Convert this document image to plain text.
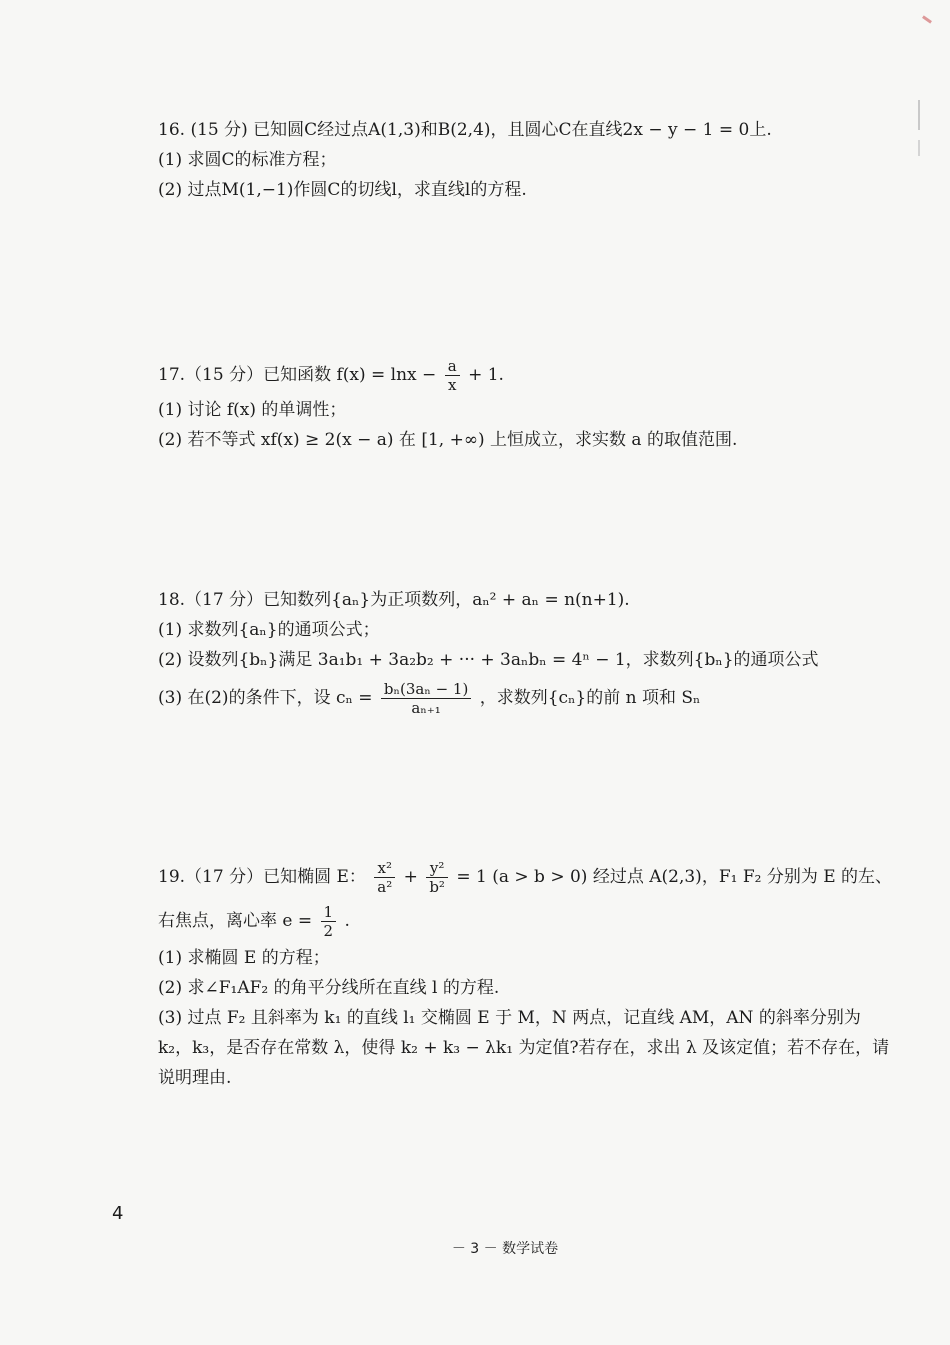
16. (15 分) 已知圆C经过点A(1,3)和B(2,4)，且圆心C在直线2x − y − 1 = 0上.
(1) 求圆C的标准方程；
(2) 过点M(1,−1)作圆C的切线l，求直线l的方程.
17.（15 分）已知函数 $f(x) = \ln x - \frac{a}{x} + 1$.
(1) 讨论 f(x) 的单调性；
(2) 若不等式 xf(x) ≥ 2(x − a) 在 [1, +∞) 上恒成立，求实数 a 的取值范围.
18.（17 分）已知数列{aₙ}为正项数列，aₙ² + aₙ = n(n+1).
(1) 求数列{aₙ}的通项公式；
(2) 设数列{bₙ}满足 3a₁b₁ + 3a₂b₂ + ··· + 3aₙbₙ = 4ⁿ − 1，求数列{bₙ}的通项公式
(3) 在(2)的条件下，设 $c_n = \frac{\text{bₙ(3aₙ − 1)}}{\text{aₙ₊₁}}$ ，求数列{cₙ}的前 n 项和 Sₙ
19.（17 分）已知椭圆 E： $\frac{\text{x²}}{\text{a²}} + \frac{\text{y²}}{\text{b²}} = 1$ (a > b > 0) 经过点 A(2,3)，F₁ F₂ 分别为 E 的左、
右焦点，离心率 $e = \frac{1}{2}$ .
(1) 求椭圆 E 的方程；
(2) 求∠F₁AF₂ 的角平分线所在直线 l 的方程.
(3) 过点 F₂ 且斜率为 k₁ 的直线 l₁ 交椭圆 E 于 M，N 两点，记直线 AM，AN 的斜率分别为
k₂，k₃，是否存在常数 λ，使得 k₂ + k₃ − λk₁ 为定值?若存在，求出 λ 及该定值；若不存在，请
说明理由.
4
－ 3 － 数学试卷
